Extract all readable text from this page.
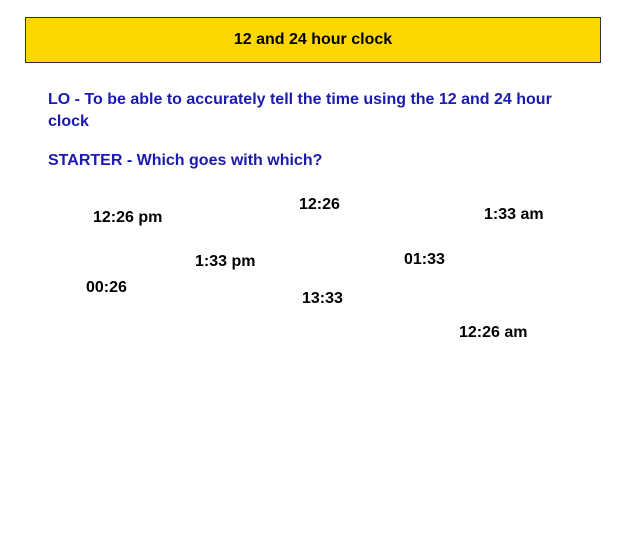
12 and 24 hour clock
LO - To be able to accurately tell the time using the 12 and 24 hour clock
STARTER - Which goes with which?
12:26 pm
12:26
1:33 am
1:33 pm	01:33
00:26
13:33
12:26 am
